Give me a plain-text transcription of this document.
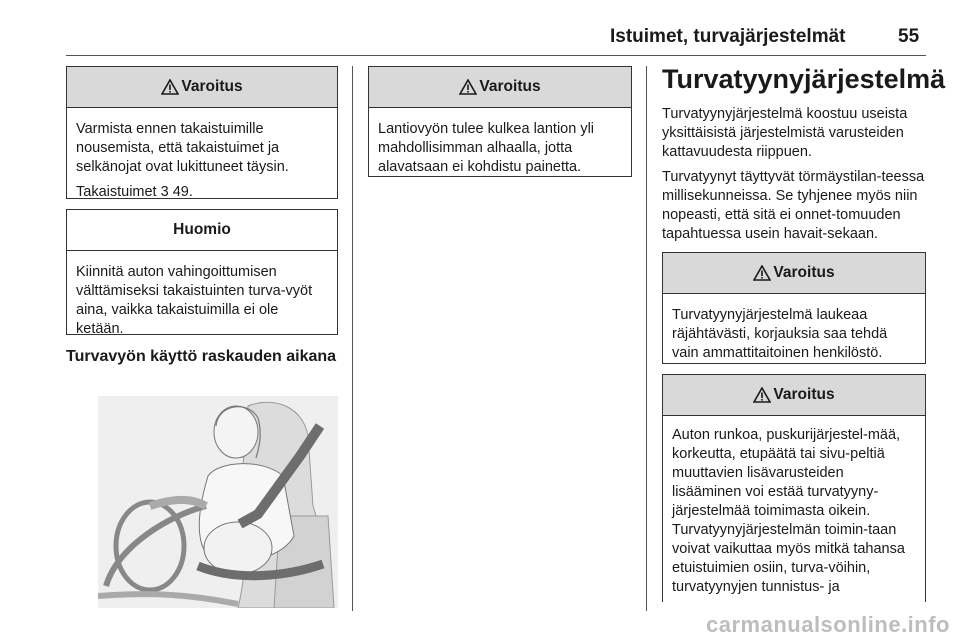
Istuimet, turvajärjestelmät	55
Varoitus

Varmista ennen takaistuimille nousemista, että takaistuimet ja selkänojat ovat lukittuneet täysin.

Takaistuimet 3 49.

Huomio

Kiinnitä auton vahingoittumisen välttämiseksi takaistuinten turva-vyöt aina, vaikka takaistuimilla ei ole ketään.

Turvavyön käyttö raskauden aikana

Varoitus

Lantiovyön tulee kulkea lantion yli mahdollisimman alhaalla, jotta alavatsaan ei kohdistu painetta.

Turvatyynyjärjestelmä

Turvatyynyjärjestelmä koostuu useista yksittäisistä järjestelmistä varusteiden kattavuudesta riippuen.

Turvatyynyt täyttyvät törmäystilan-teessa millisekunneissa. Se tyhjenee myös niin nopeasti, että sitä ei onnet-tomuuden tapahtuessa usein havait-sekaan.

Varoitus

Turvatyynyjärjestelmä laukeaa räjähtävästi, korjauksia saa tehdä vain ammattitaitoinen henkilöstö.

Varoitus

Auton runkoa, puskurijärjestel-mää, korkeutta, etupäätä tai sivu-peltiä muuttavien lisävarusteiden lisääminen voi estää turvatyyny-järjestelmää toimimasta oikein. Turvatyynyjärjestelmän toimin-taan voivat vaikuttaa myös mitkä tahansa etuistuimien osiin, turva-vöihin, turvatyynyjen tunnistus- ja

carmanualsonline.info
